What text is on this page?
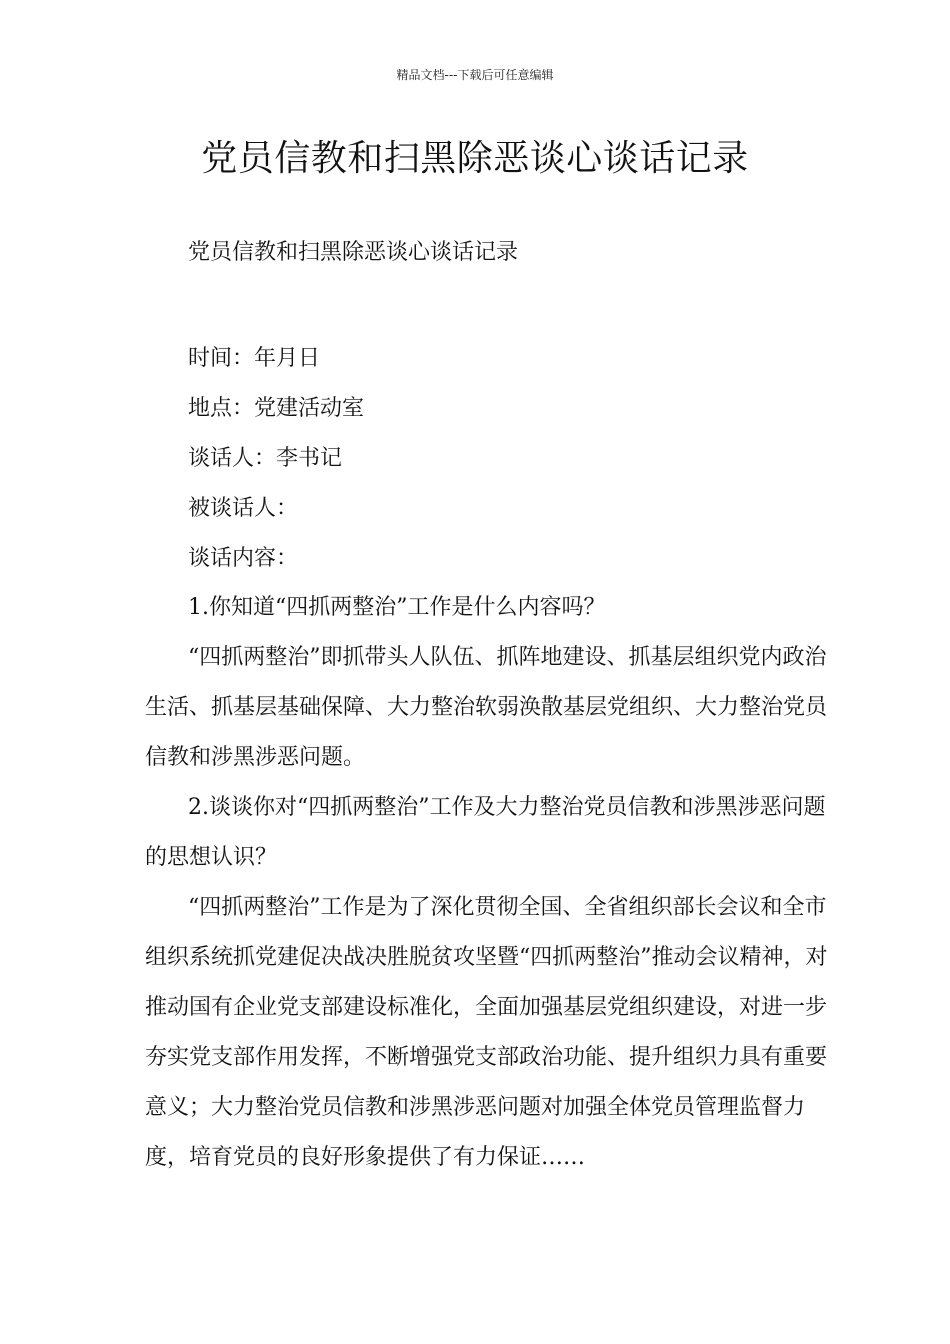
精品文档---下载后可任意编辑
党员信教和扫黑除恶谈心谈话记录

党员信教和扫黑除恶谈心谈话记录

时间：年月日

地点：党建活动室

谈话人：李书记

被谈话人：

谈话内容：

1.你知道“四抓两整治”工作是什么内容吗？

“四抓两整治”即抓带头人队伍、抓阵地建设、抓基层组织党内政治生活、抓基层基础保障、大力整治软弱涣散基层党组织、大力整治党员信教和涉黑涉恶问题。

2.谈谈你对“四抓两整治”工作及大力整治党员信教和涉黑涉恶问题的思想认识？

“四抓两整治”工作是为了深化贯彻全国、全省组织部长会议和全市组织系统抓党建促决战决胜脱贫攻坚暨“四抓两整治”推动会议精神，对推动国有企业党支部建设标准化，全面加强基层党组织建设，对进一步夯实党支部作用发挥，不断增强党支部政治功能、提升组织力具有重要意义；大力整治党员信教和涉黑涉恶问题对加强全体党员管理监督力度，培育党员的良好形象提供了有力保证……
